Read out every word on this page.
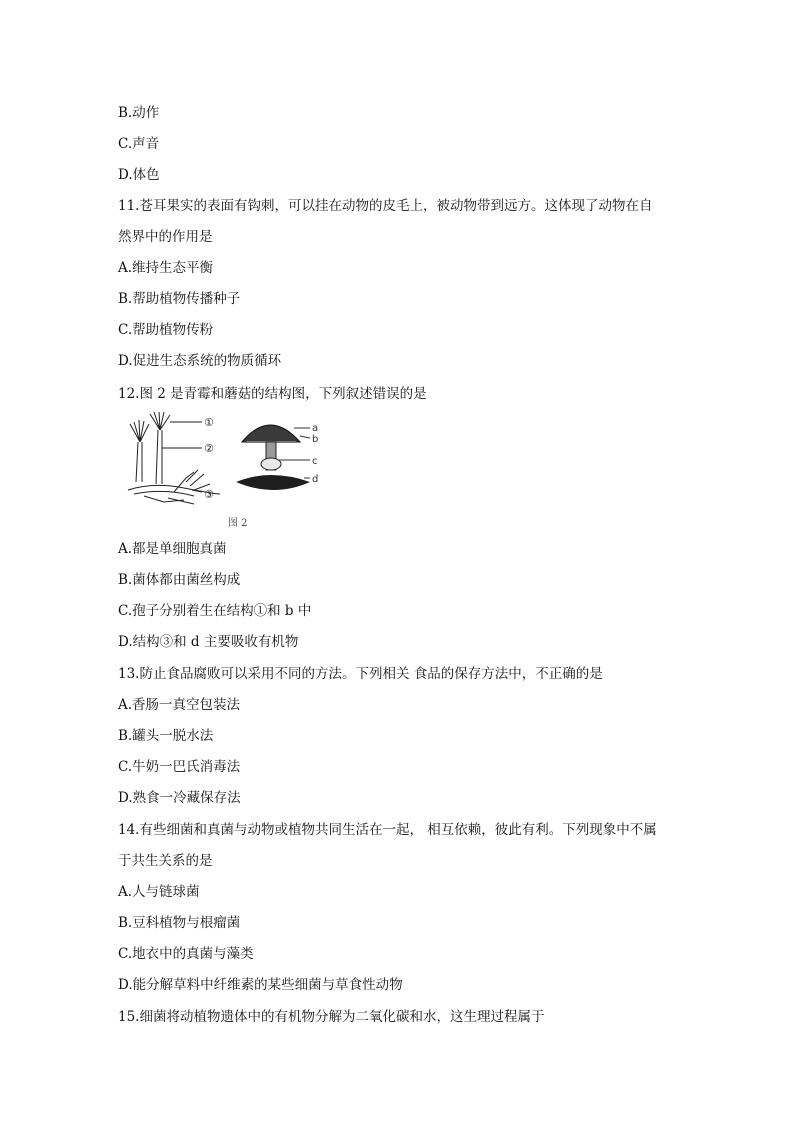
B.动作
C.声音
D.体色
11.苍耳果实的表面有钩刺，可以挂在动物的皮毛上，被动物带到远方。这体现了动物在自
然界中的作用是
A.维持生态平衡
B.帮助植物传播种子
C.帮助植物传粉
D.促进生态系统的物质循环
12.图 2 是青霉和蘑菇的结构图，下列叙述错误的是
①
②
③
a
b
c
d
图 2
A.都是单细胞真菌
B.菌体都由菌丝构成
C.孢子分别着生在结构①和 b 中
D.结构③和 d 主要吸收有机物
13.防止食品腐败可以采用不同的方法。下列相关 食品的保存方法中，不正确的是
A.香肠一真空包装法
B.罐头一脱水法
C.牛奶一巴氏消毒法
D.熟食一冷藏保存法
14.有些细菌和真菌与动物或植物共同生活在一起， 相互依赖，彼此有利。下列现象中不属
于共生关系的是
A.人与链球菌
B.豆科植物与根瘤菌
C.地衣中的真菌与藻类
D.能分解草料中纤维素的某些细菌与草食性动物
15.细菌将动植物遗体中的有机物分解为二氧化碳和水，这生理过程属于
